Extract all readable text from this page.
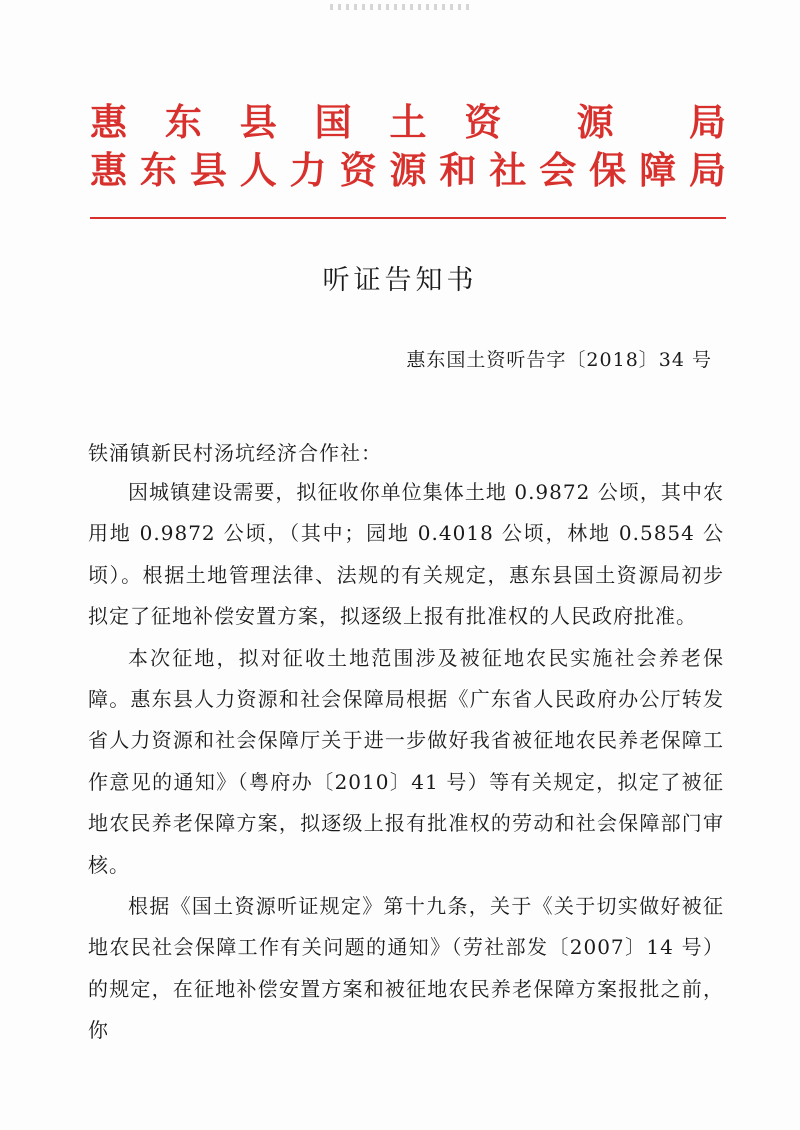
惠　东　县　国　土　资　　源　　局
惠东县人力资源和社会保障局
听证告知书
惠东国土资听告字〔2018〕34 号
铁涌镇新民村汤坑经济合作社：

因城镇建设需要，拟征收你单位集体土地 0.9872 公顷，其中农用地 0.9872 公顷，（其中；园地 0.4018 公顷，林地 0.5854 公顷）。根据土地管理法律、法规的有关规定，惠东县国土资源局初步拟定了征地补偿安置方案，拟逐级上报有批准权的人民政府批准。

本次征地，拟对征收土地范围涉及被征地农民实施社会养老保障。惠东县人力资源和社会保障局根据《广东省人民政府办公厅转发省人力资源和社会保障厅关于进一步做好我省被征地农民养老保障工作意见的通知》（粤府办〔2010〕41 号）等有关规定，拟定了被征地农民养老保障方案，拟逐级上报有批准权的劳动和社会保障部门审核。

根据《国土资源听证规定》第十九条，关于《关于切实做好被征地农民社会保障工作有关问题的通知》（劳社部发〔2007〕14 号）的规定，在征地补偿安置方案和被征地农民养老保障方案报批之前，你
